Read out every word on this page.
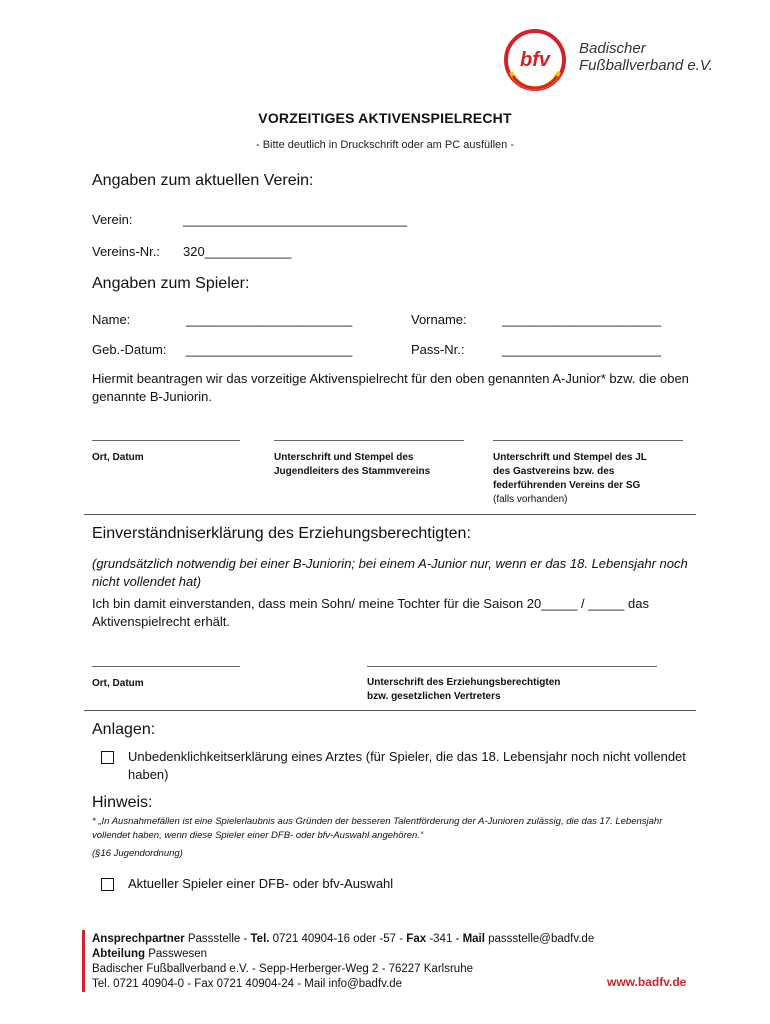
bfv
Badischer
Fußballverband e.V.
VORZEITIGES AKTIVENSPIELRECHT
- Bitte deutlich in Druckschrift oder am PC ausfüllen -
Angaben zum aktuellen Verein:
Verein:	_______________________________
Vereins-Nr.: 320____________
Angaben zum Spieler:
Name:	_______________________	Vorname:	______________________
Geb.-Datum: _______________________	Pass-Nr.:	______________________
Hiermit beantragen wir das vorzeitige Aktivenspielrecht für den oben genannten A-Junior* bzw. die oben genannte B-Juniorin.
Ort, Datum	Unterschrift und Stempel des
Jugendleiters des Stammvereins
Unterschrift und Stempel des JL
des Gastvereins bzw. des
federführenden Vereins der SG
(falls vorhanden)
Einverständniserklärung des Erziehungsberechtigten:
(grundsätzlich notwendig bei einer B-Juniorin; bei einem A-Junior nur, wenn er das 18. Lebensjahr noch nicht vollendet hat)
Ich bin damit einverstanden, dass mein Sohn/ meine Tochter für die Saison 20_____ / _____ das Aktivenspielrecht erhält.
Ort, Datum	Unterschrift des Erziehungsberechtigten
bzw. gesetzlichen Vertreters
Anlagen:
Unbedenklichkeitserklärung eines Arztes (für Spieler, die das 18. Lebensjahr noch nicht vollendet haben)
Hinweis:
* „In Ausnahmefällen ist eine Spielerlaubnis aus Gründen der besseren Talentförderung der A-Junioren zulässig, die das 17. Lebensjahr vollendet haben, wenn diese Spieler einer DFB- oder bfv-Auswahl angehören.“
(§16 Jugendordnung)
Aktueller Spieler einer DFB- oder bfv-Auswahl
Ansprechpartner Passstelle - Tel. 0721 40904-16 oder -57 - Fax -341 - Mail passstelle@badfv.de
Abteilung Passwesen
Badischer Fußballverband e.V. - Sepp-Herberger-Weg 2 - 76227 Karlsruhe
Tel. 0721 40904-0 - Fax 0721 40904-24 - Mail info@badfv.de	www.badfv.de
